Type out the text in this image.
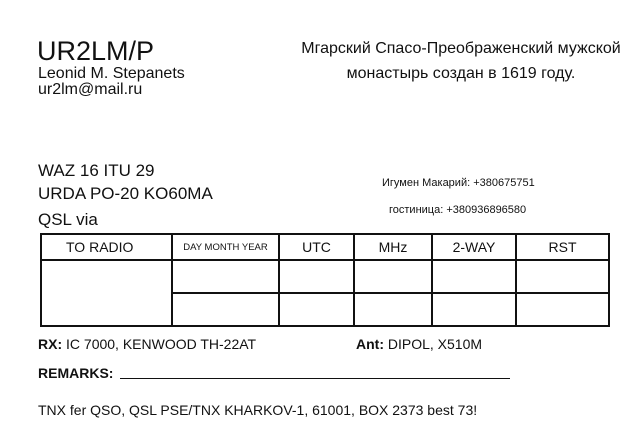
UR2LM/P
Leonid M. Stepanets
ur2lm@mail.ru
Мгарский Спасо-Преображенский мужской монастырь создан в 1619 году.
WAZ 16 ITU 29
URDA PO-20 KO60MA
QSL via
Игумен Макарий: +380675751
гостиница: +380936896580
TO RADIO	DAY MONTH YEAR	UTC	MHz	2-WAY	RST

RX: IC 7000, KENWOOD TH-22AT	Ant: DIPOL, X510M
REMARKS:
TNX fer QSO, QSL PSE/TNX KHARKOV-1, 61001, BOX 2373 best 73!
